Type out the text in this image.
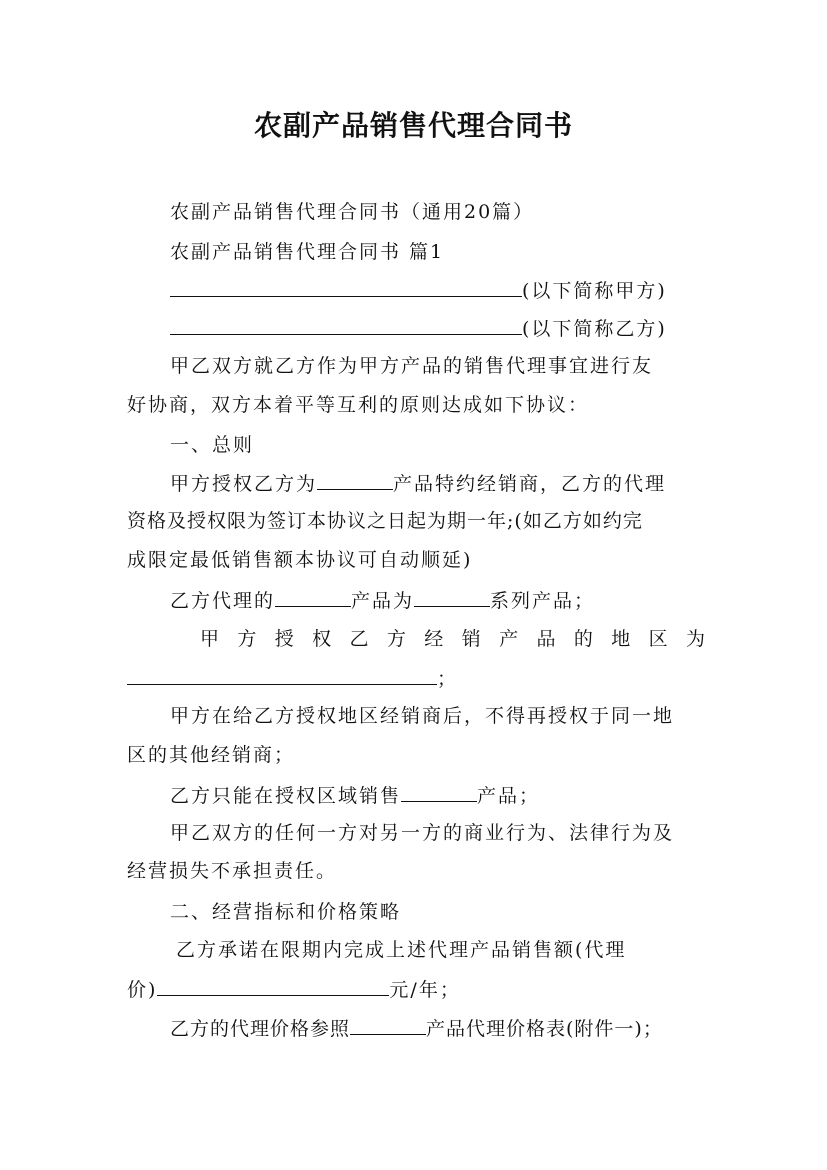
农副产品销售代理合同书
农副产品销售代理合同书（通用20篇）
农副产品销售代理合同书 篇1
(以下简称甲方)
(以下简称乙方)
甲乙双方就乙方作为甲方产品的销售代理事宜进行友
好协商，双方本着平等互利的原则达成如下协议：
一、总则
甲方授权乙方为	产品特约经销商，乙方的代理
资格及授权限为签订本协议之日起为期一年;(如乙方如约完
成限定最低销售额本协议可自动顺延)
乙方代理的	产品为	系列产品；
甲方授权乙方经销产品的地区为
；
甲方在给乙方授权地区经销商后，不得再授权于同一地
区的其他经销商；
乙方只能在授权区域销售	产品；
甲乙双方的任何一方对另一方的商业行为、法律行为及
经营损失不承担责任。
二、经营指标和价格策略
乙方承诺在限期内完成上述代理产品销售额(代理
价)	元/年；
乙方的代理价格参照	产品代理价格表(附件一)；
